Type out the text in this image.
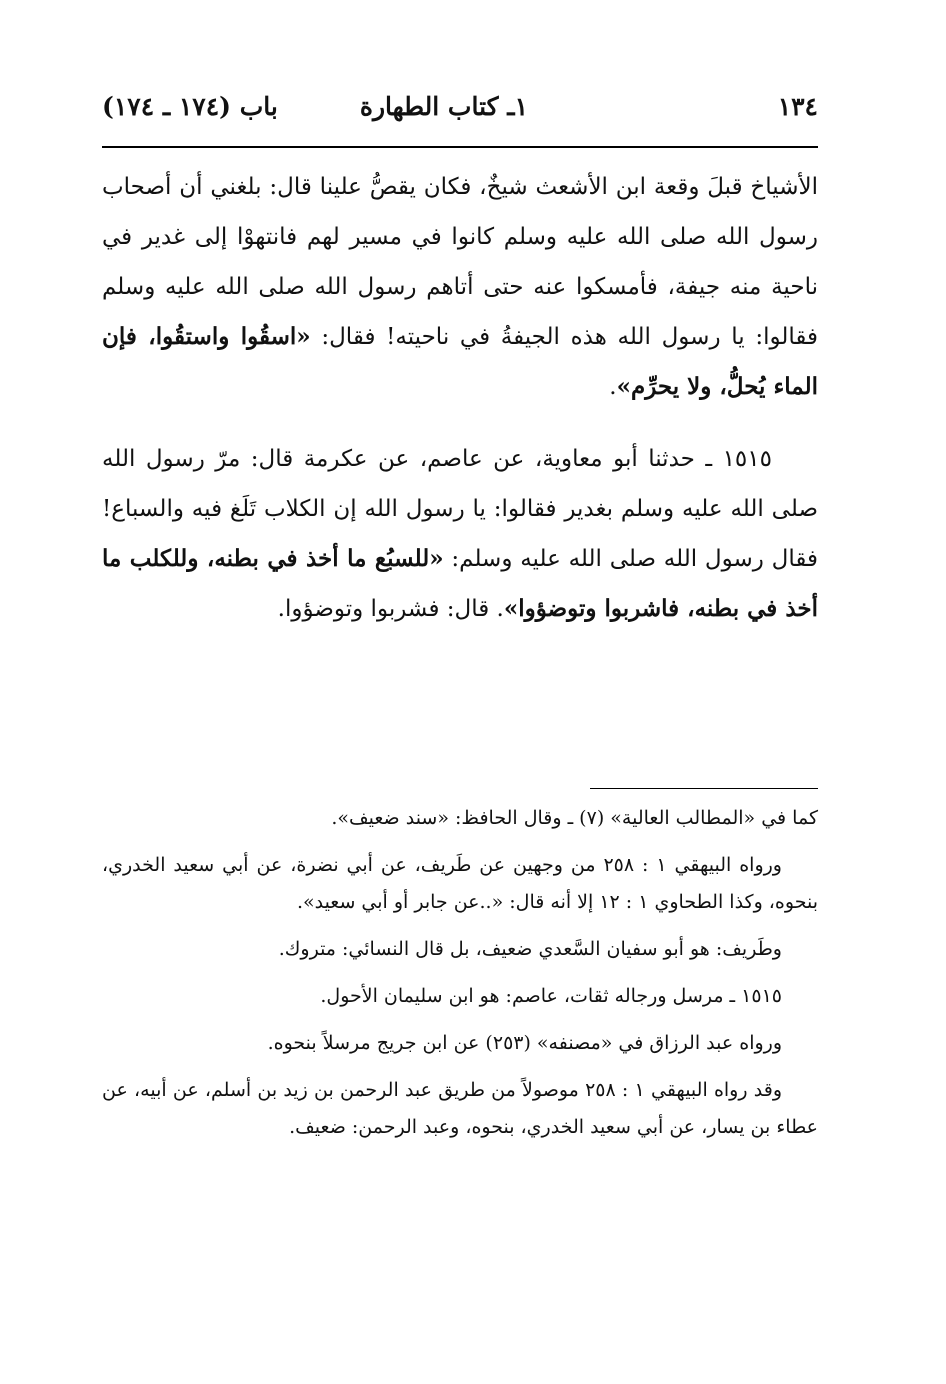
١٣٤
١ـ كتاب الطهارة
باب (١٧٤ ـ ١٧٤)

الأشياخ قبلَ وقعة ابن الأشعث شيخٌ، فكان يقصُّ علينا قال: بلغني أن أصحاب رسول الله صلى الله عليه وسلم كانوا في مسير لهم فانتهوْا إلى غدير في ناحية منه جيفة، فأمسكوا عنه حتى أتاهم رسول الله صلى الله عليه وسلم فقالوا: يا رسول الله هذه الجيفةُ في ناحيته! فقال: «اسقُوا واستقُوا، فإن الماء يُحلُّ، ولا يحرِّم».

١٥١٥ ـ حدثنا أبو معاوية، عن عاصم، عن عكرمة قال: مرّ رسول الله صلى الله عليه وسلم بغدير فقالوا: يا رسول الله إن الكلاب تَلَغ فيه والسباع! فقال رسول الله صلى الله عليه وسلم: «للسبُع ما أخذ في بطنه، وللكلب ما أخذ في بطنه، فاشربوا وتوضؤوا». قال: فشربوا وتوضؤوا.

كما في «المطالب العالية» (٧) ـ وقال الحافظ: «سند ضعيف».

ورواه البيهقي ١ : ٢٥٨ من وجهين عن طَريف، عن أبي نضرة، عن أبي سعيد الخدري، بنحوه، وكذا الطحاوي ١ : ١٢ إلا أنه قال: «..عن جابر أو أبي سعيد».

وطَريف: هو أبو سفيان السَّعدي ضعيف، بل قال النسائي: متروك.

١٥١٥ ـ مرسل ورجاله ثقات، عاصم: هو ابن سليمان الأحول.

ورواه عبد الرزاق في «مصنفه» (٢٥٣) عن ابن جريج مرسلاً بنحوه.

وقد رواه البيهقي ١ : ٢٥٨ موصولاً من طريق عبد الرحمن بن زيد بن أسلم، عن أبيه، عن عطاء بن يسار، عن أبي سعيد الخدري، بنحوه، وعبد الرحمن: ضعيف.
